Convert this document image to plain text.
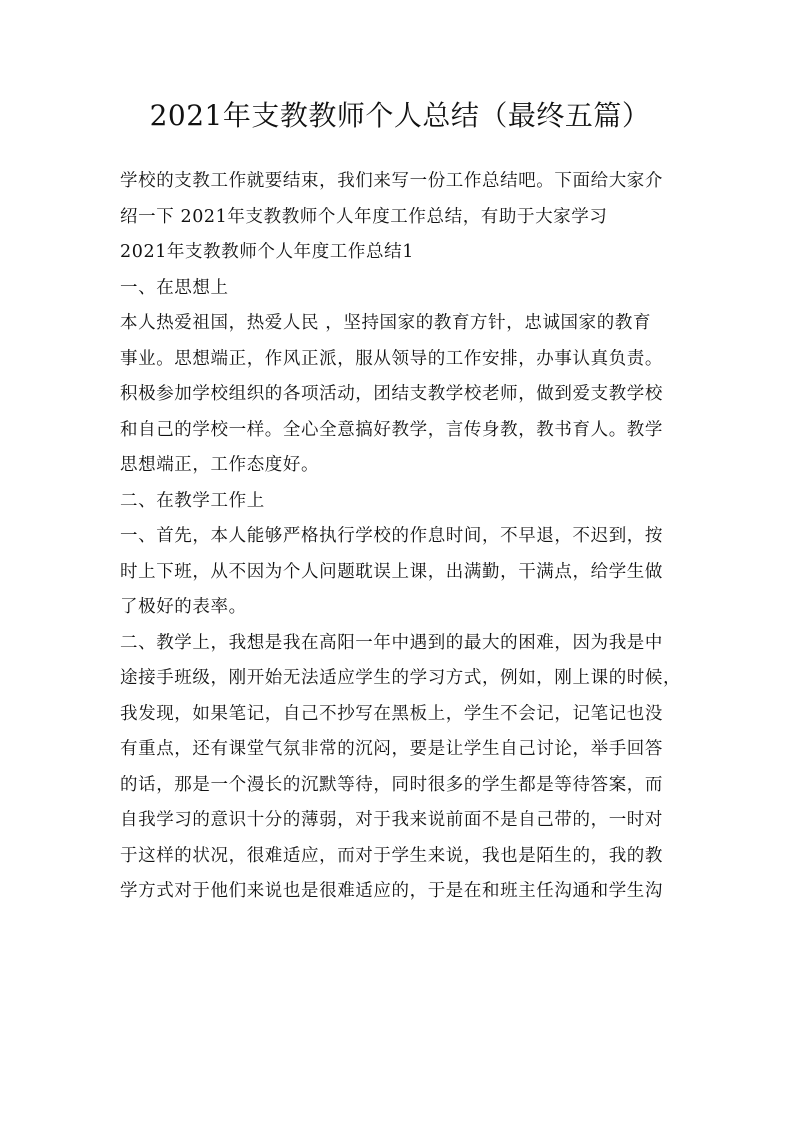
2021年支教教师个人总结（最终五篇）
学校的支教工作就要结束，我们来写一份工作总结吧。下面给大家介
绍一下 2021年支教教师个人年度工作总结，有助于大家学习
2021年支教教师个人年度工作总结1
一、在思想上
本人热爱祖国，热爱人民 ，坚持国家的教育方针，忠诚国家的教育
事业。思想端正，作风正派，服从领导的工作安排，办事认真负责。
积极参加学校组织的各项活动，团结支教学校老师，做到爱支教学校
和自己的学校一样。全心全意搞好教学，言传身教，教书育人。教学
思想端正，工作态度好。
二、在教学工作上
一、首先，本人能够严格执行学校的作息时间，不早退，不迟到，按
时上下班，从不因为个人问题耽误上课，出满勤，干满点，给学生做
了极好的表率。
二、教学上，我想是我在高阳一年中遇到的最大的困难，因为我是中
途接手班级，刚开始无法适应学生的学习方式，例如，刚上课的时候，
我发现，如果笔记，自己不抄写在黑板上，学生不会记，记笔记也没
有重点，还有课堂气氛非常的沉闷，要是让学生自己讨论，举手回答
的话，那是一个漫长的沉默等待，同时很多的学生都是等待答案，而
自我学习的意识十分的薄弱，对于我来说前面不是自己带的，一时对
于这样的状况，很难适应，而对于学生来说，我也是陌生的，我的教
学方式对于他们来说也是很难适应的，于是在和班主任沟通和学生沟
